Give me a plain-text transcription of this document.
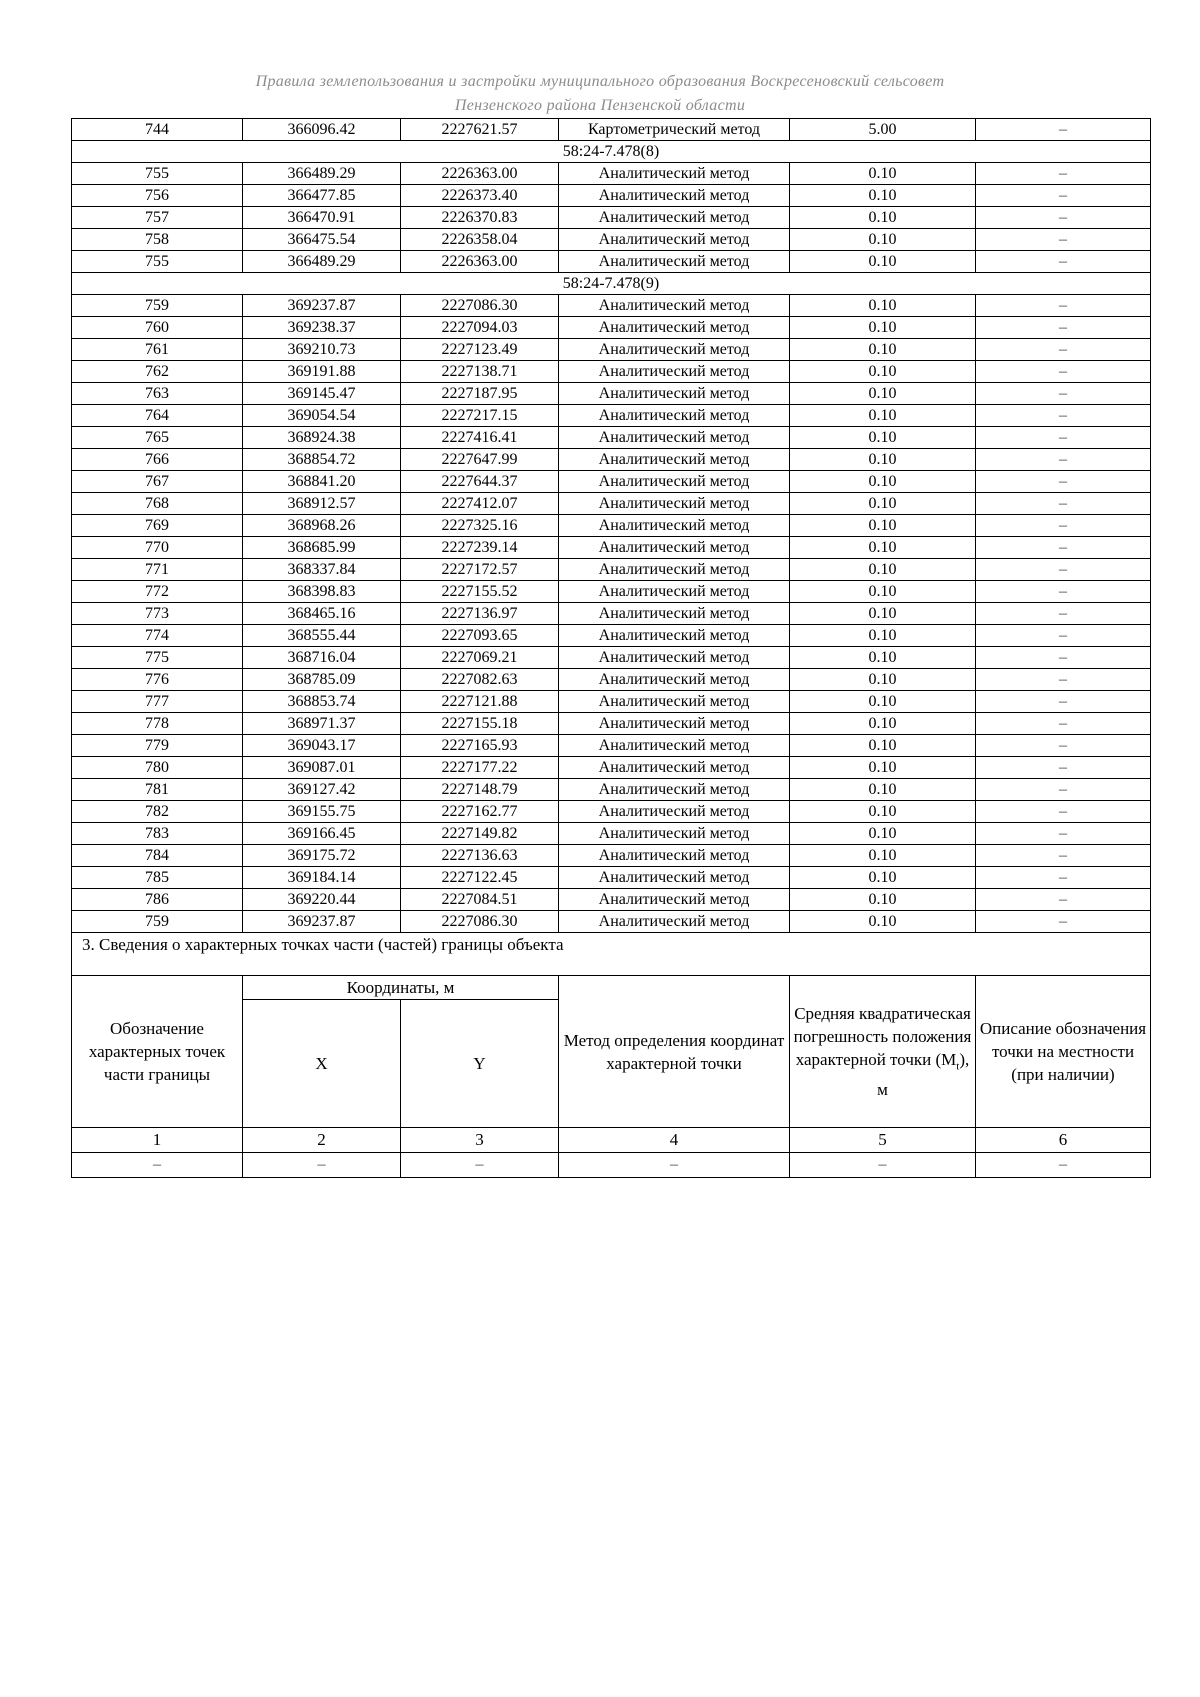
Правила землепользования и застройки муниципального образования Воскресеновский сельсовет
Пензенского района Пензенской области
744	366096.42	2227621.57	Картометрический метод	5.00	–
58:24-7.478(8)					
755	366489.29	2226363.00	Аналитический метод	0.10	–
756	366477.85	2226373.40	Аналитический метод	0.10	–
757	366470.91	2226370.83	Аналитический метод	0.10	–
758	366475.54	2226358.04	Аналитический метод	0.10	–
755	366489.29	2226363.00	Аналитический метод	0.10	–
58:24-7.478(9)					
759	369237.87	2227086.30	Аналитический метод	0.10	–
760	369238.37	2227094.03	Аналитический метод	0.10	–
761	369210.73	2227123.49	Аналитический метод	0.10	–
762	369191.88	2227138.71	Аналитический метод	0.10	–
763	369145.47	2227187.95	Аналитический метод	0.10	–
764	369054.54	2227217.15	Аналитический метод	0.10	–
765	368924.38	2227416.41	Аналитический метод	0.10	–
766	368854.72	2227647.99	Аналитический метод	0.10	–
767	368841.20	2227644.37	Аналитический метод	0.10	–
768	368912.57	2227412.07	Аналитический метод	0.10	–
769	368968.26	2227325.16	Аналитический метод	0.10	–
770	368685.99	2227239.14	Аналитический метод	0.10	–
771	368337.84	2227172.57	Аналитический метод	0.10	–
772	368398.83	2227155.52	Аналитический метод	0.10	–
773	368465.16	2227136.97	Аналитический метод	0.10	–
774	368555.44	2227093.65	Аналитический метод	0.10	–
775	368716.04	2227069.21	Аналитический метод	0.10	–
776	368785.09	2227082.63	Аналитический метод	0.10	–
777	368853.74	2227121.88	Аналитический метод	0.10	–
778	368971.37	2227155.18	Аналитический метод	0.10	–
779	369043.17	2227165.93	Аналитический метод	0.10	–
780	369087.01	2227177.22	Аналитический метод	0.10	–
781	369127.42	2227148.79	Аналитический метод	0.10	–
782	369155.75	2227162.77	Аналитический метод	0.10	–
783	369166.45	2227149.82	Аналитический метод	0.10	–
784	369175.72	2227136.63	Аналитический метод	0.10	–
785	369184.14	2227122.45	Аналитический метод	0.10	–
786	369220.44	2227084.51	Аналитический метод	0.10	–
759	369237.87	2227086.30	Аналитический метод	0.10	–
3. Сведения о характерных точках части (частей) границы объекта					
Обозначение характерных точек части границы	Координаты, м		Метод определения координат характерной точки	Средняя квадратическая погрешность положения характерной точки $(M_t)$, м	Описание обозначения точки на местности (при наличии)
	X	Y			
1	2	3	4	5	6
–	–	–	–	–	–
